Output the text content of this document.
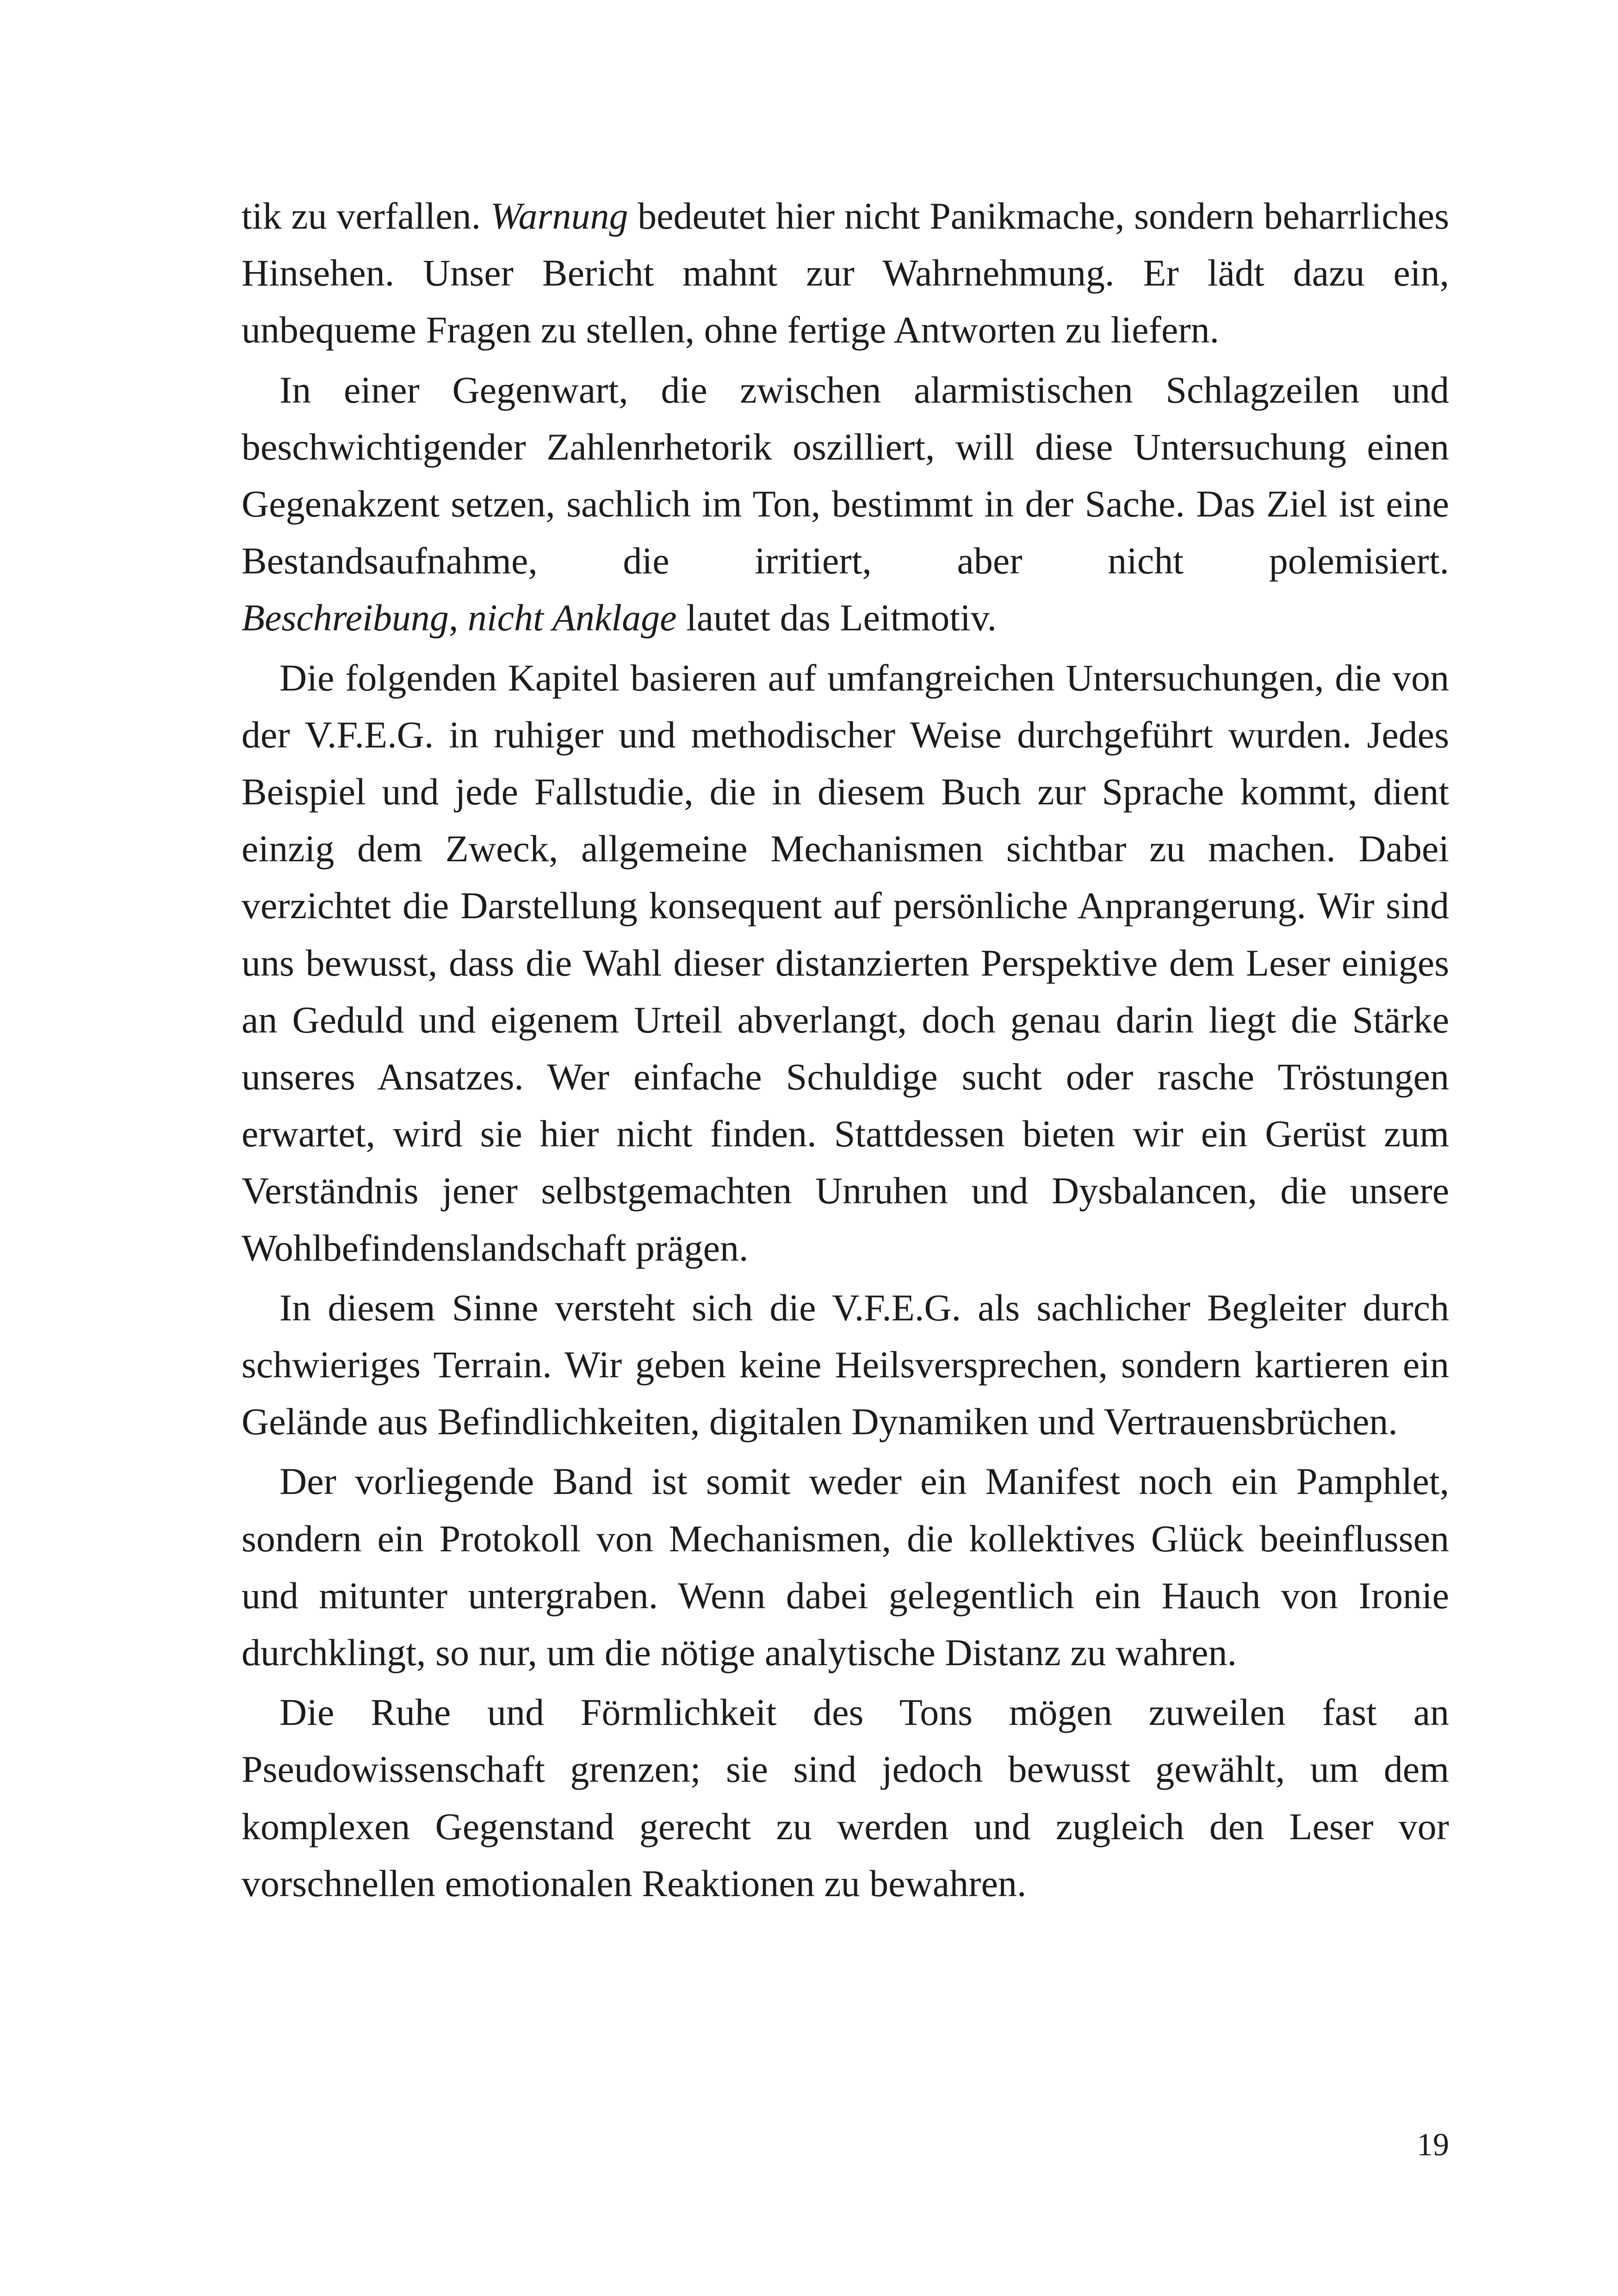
tik zu verfallen. Warnung bedeutet hier nicht Panikmache, sondern beharrliches Hinsehen. Unser Bericht mahnt zur Wahrnehmung. Er lädt dazu ein, unbequeme Fragen zu stellen, ohne fertige Antworten zu liefern.

In einer Gegenwart, die zwischen alarmistischen Schlagzeilen und beschwichtigender Zahlenrhetorik oszilliert, will diese Untersuchung einen Gegenakzent setzen, sachlich im Ton, bestimmt in der Sache. Das Ziel ist eine Bestandsaufnahme, die irritiert, aber nicht polemisiert. Beschreibung, nicht Anklage lautet das Leitmotiv.

Die folgenden Kapitel basieren auf umfangreichen Untersuchungen, die von der V.F.E.G. in ruhiger und methodischer Weise durchgeführt wurden. Jedes Beispiel und jede Fallstudie, die in diesem Buch zur Sprache kommt, dient einzig dem Zweck, allgemeine Mechanismen sichtbar zu machen. Dabei verzichtet die Darstellung konsequent auf persönliche Anprangerung. Wir sind uns bewusst, dass die Wahl dieser distanzierten Perspektive dem Leser einiges an Geduld und eigenem Urteil abverlangt, doch genau darin liegt die Stärke unseres Ansatzes. Wer einfache Schuldige sucht oder rasche Tröstungen erwartet, wird sie hier nicht finden. Stattdessen bieten wir ein Gerüst zum Verständnis jener selbstgemachten Unruhen und Dysbalancen, die unsere Wohlbefindenslandschaft prägen.

In diesem Sinne versteht sich die V.F.E.G. als sachlicher Begleiter durch schwieriges Terrain. Wir geben keine Heilsversprechen, sondern kartieren ein Gelände aus Befindlichkeiten, digitalen Dynamiken und Vertrauensbrüchen.

Der vorliegende Band ist somit weder ein Manifest noch ein Pamphlet, sondern ein Protokoll von Mechanismen, die kollektives Glück beeinflussen und mitunter untergraben. Wenn dabei gelegentlich ein Hauch von Ironie durchklingt, so nur, um die nötige analytische Distanz zu wahren.

Die Ruhe und Förmlichkeit des Tons mögen zuweilen fast an Pseudowissenschaft grenzen; sie sind jedoch bewusst gewählt, um dem komplexen Gegenstand gerecht zu werden und zugleich den Leser vor vorschnellen emotionalen Reaktionen zu bewahren.

19
